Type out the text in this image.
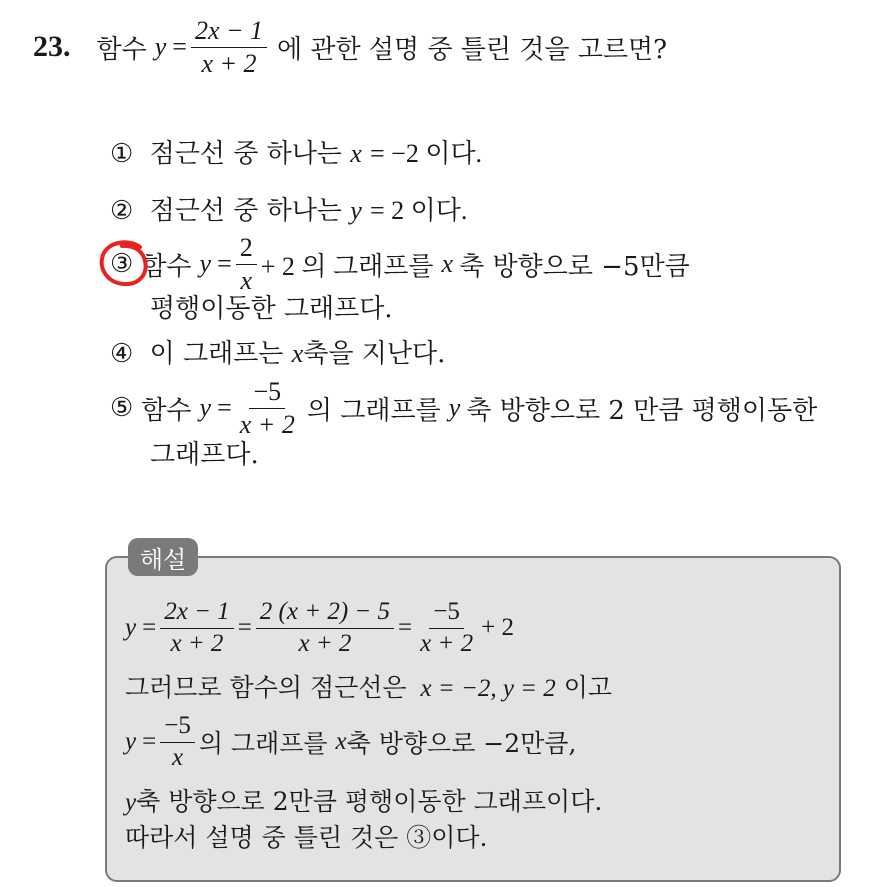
23. 함수 $y = \frac{2x - 1}{x + 2}$ 에 관한 설명 중 틀린 것을 고르면?
① 점근선 중 하나는 x = −2 이다.
② 점근선 중 하나는 y = 2 이다.
③ 함수 $y = \frac{2}{x} + 2$ 의 그래프를 x 축 방향으로 −5만큼
평행이동한 그래프다.
④ 이 그래프는 x축을 지난다.
⑤ 함수 $y = \frac{-5}{x + 2}$ 의 그래프를 y 축 방향으로 2 만큼 평행이동한
그래프다.
해설
$y = \frac{2x - 1}{x + 2} = \frac{2 (x + 2) - 5}{x + 2} = \frac{-5}{x + 2} + 2$
그러므로 함수의 점근선은 x = −2, y = 2 이고
$y = \frac{-5}{x}$ 의 그래프를 x 축 방향으로 −2만큼,
y축 방향으로 2만큼 평행이동한 그래프이다.
따라서 설명 중 틀린 것은 ③이다.
